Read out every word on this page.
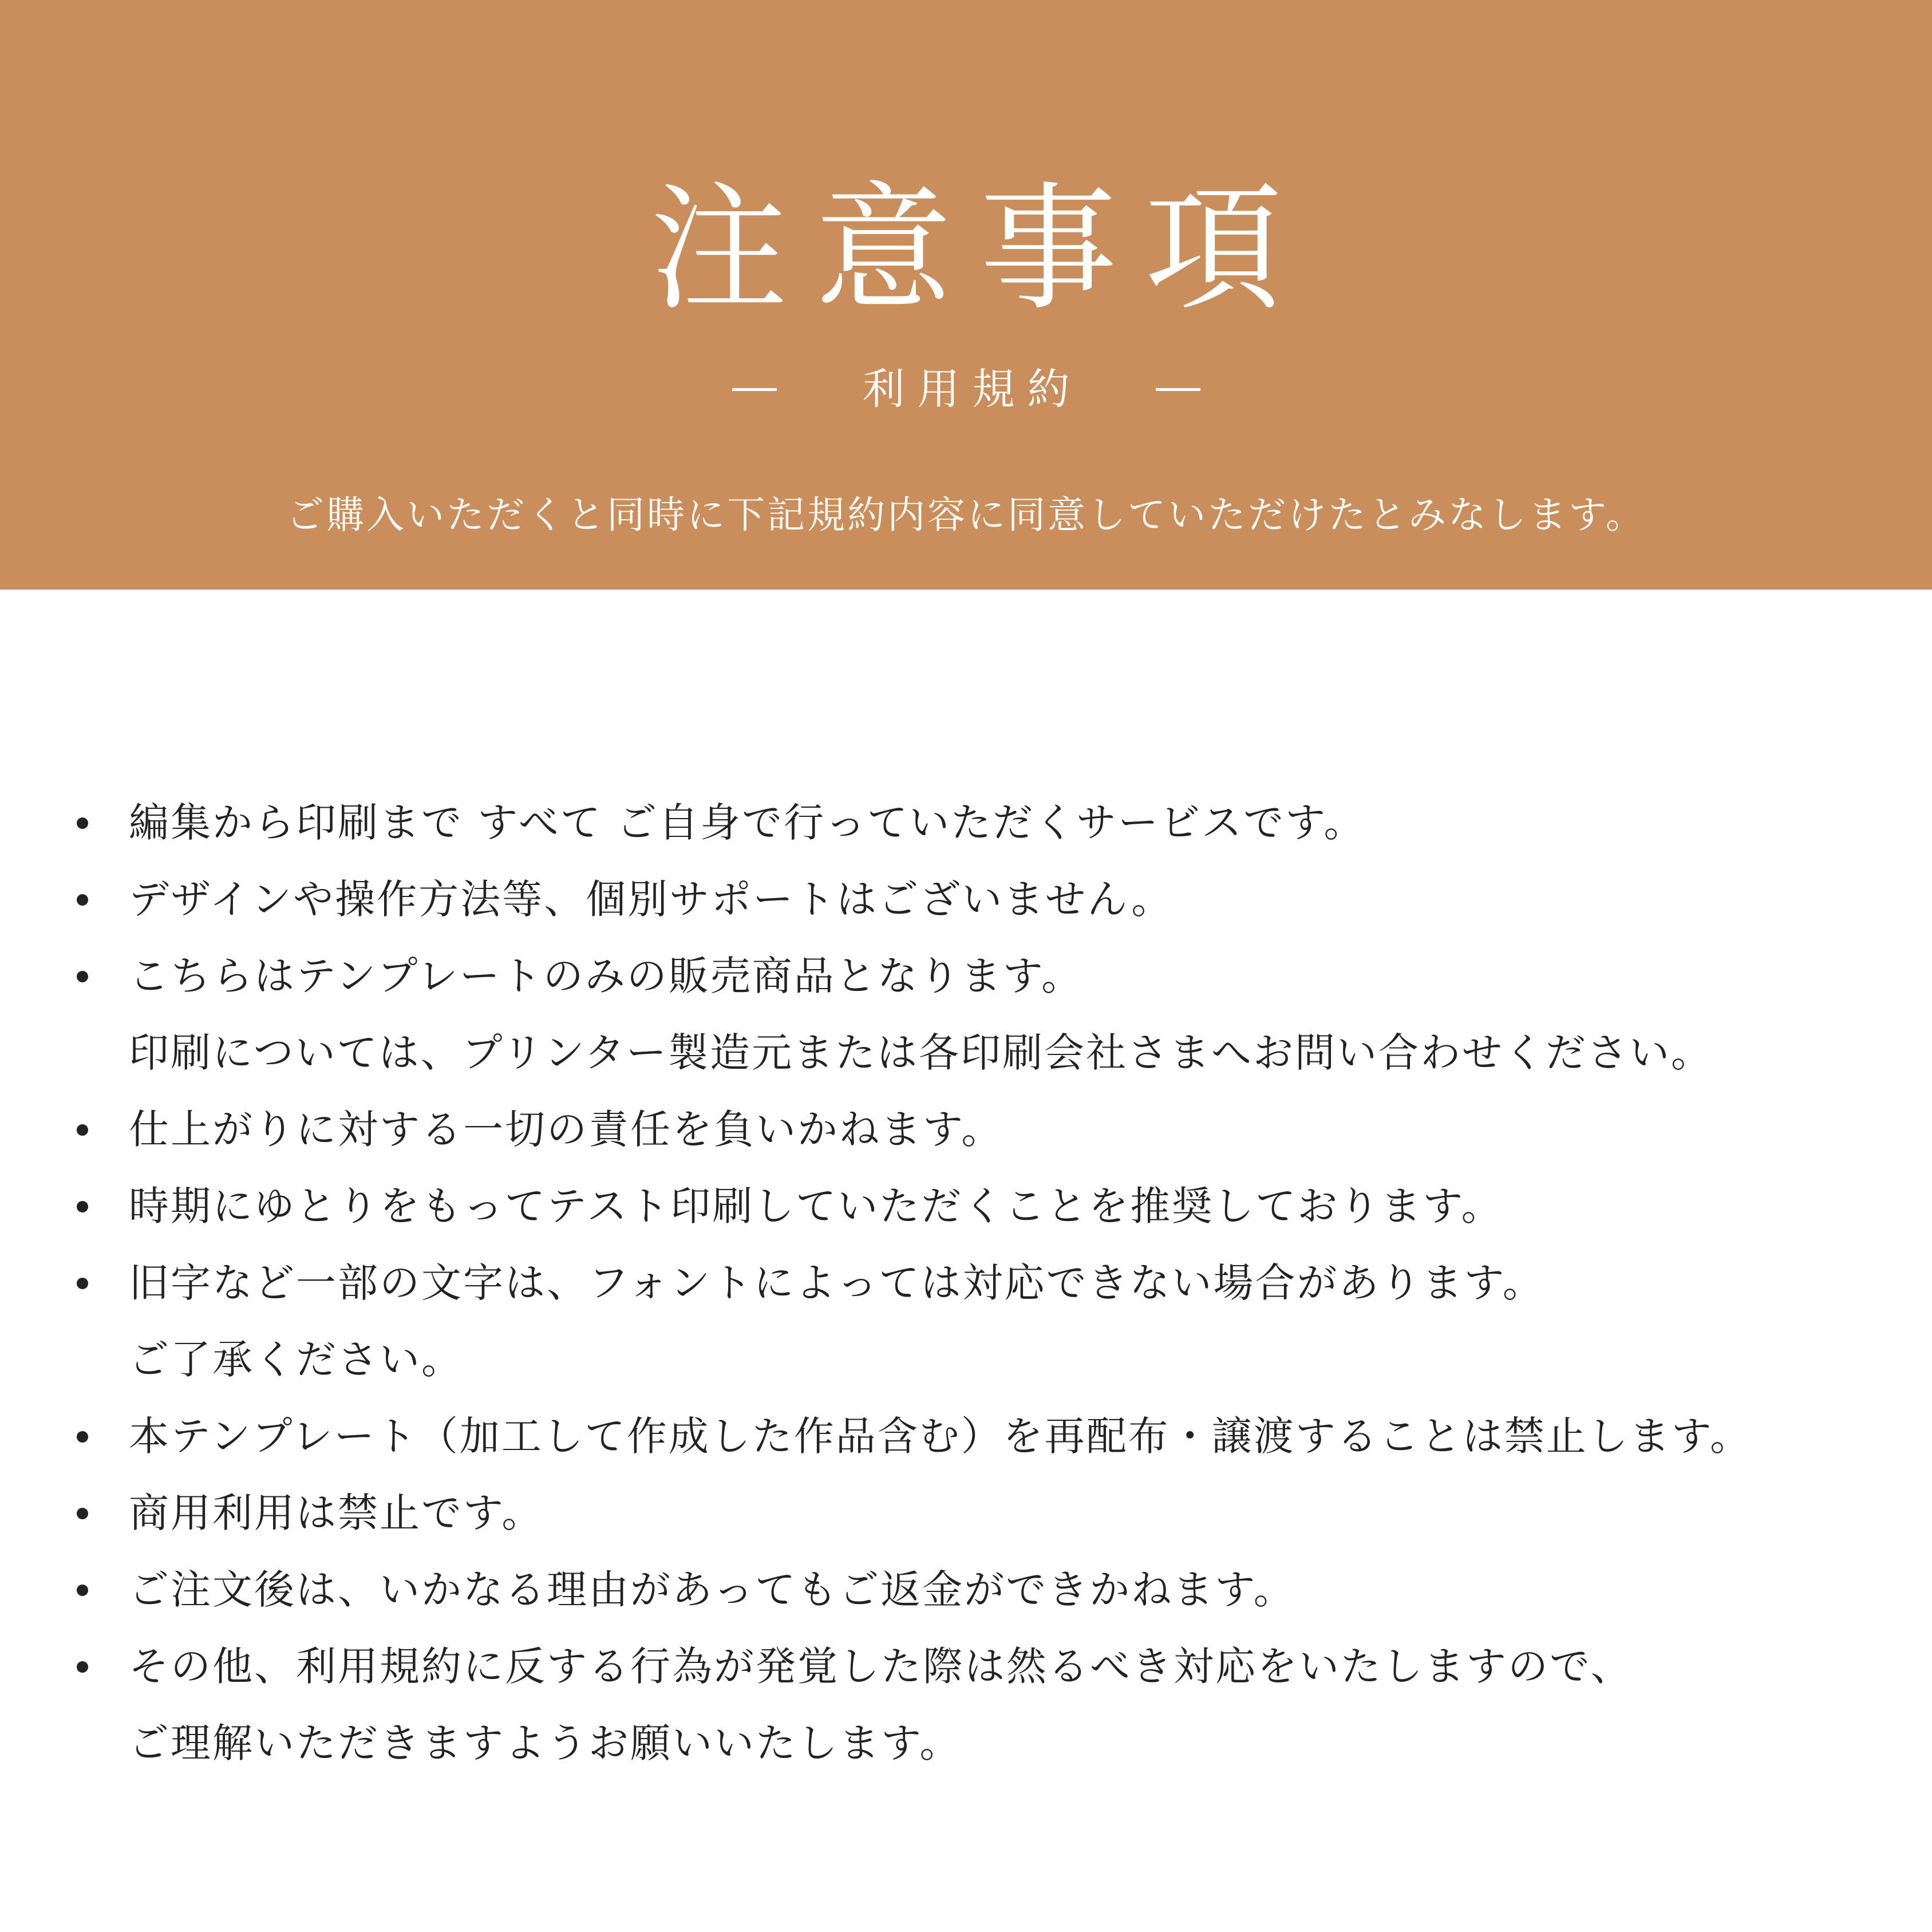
注意事項
利用規約
ご購入いただくと同時に下記規約内容に同意していただけたとみなします。
編集から印刷まで すべて ご自身で行っていただくサービスです。
デザインや操作方法等、個別サポートはございません。
こちらはテンプレートのみの販売商品となります。
印刷については、プリンター製造元または各印刷会社さまへお問い合わせください。
仕上がりに対する一切の責任を負いかねます。
時期にゆとりをもってテスト印刷していただくことを推奨しております。
旧字など一部の文字は、フォントによっては対応できない場合があります。
ご了承ください。
本テンプレート（加工して作成した作品含む）を再配布・譲渡することは禁止します。
商用利用は禁止です。
ご注文後は、いかなる理由があってもご返金ができかねます。
その他、利用規約に反する行為が発覚した際は然るべき対応をいたしますので、
ご理解いただきますようお願いいたします。
